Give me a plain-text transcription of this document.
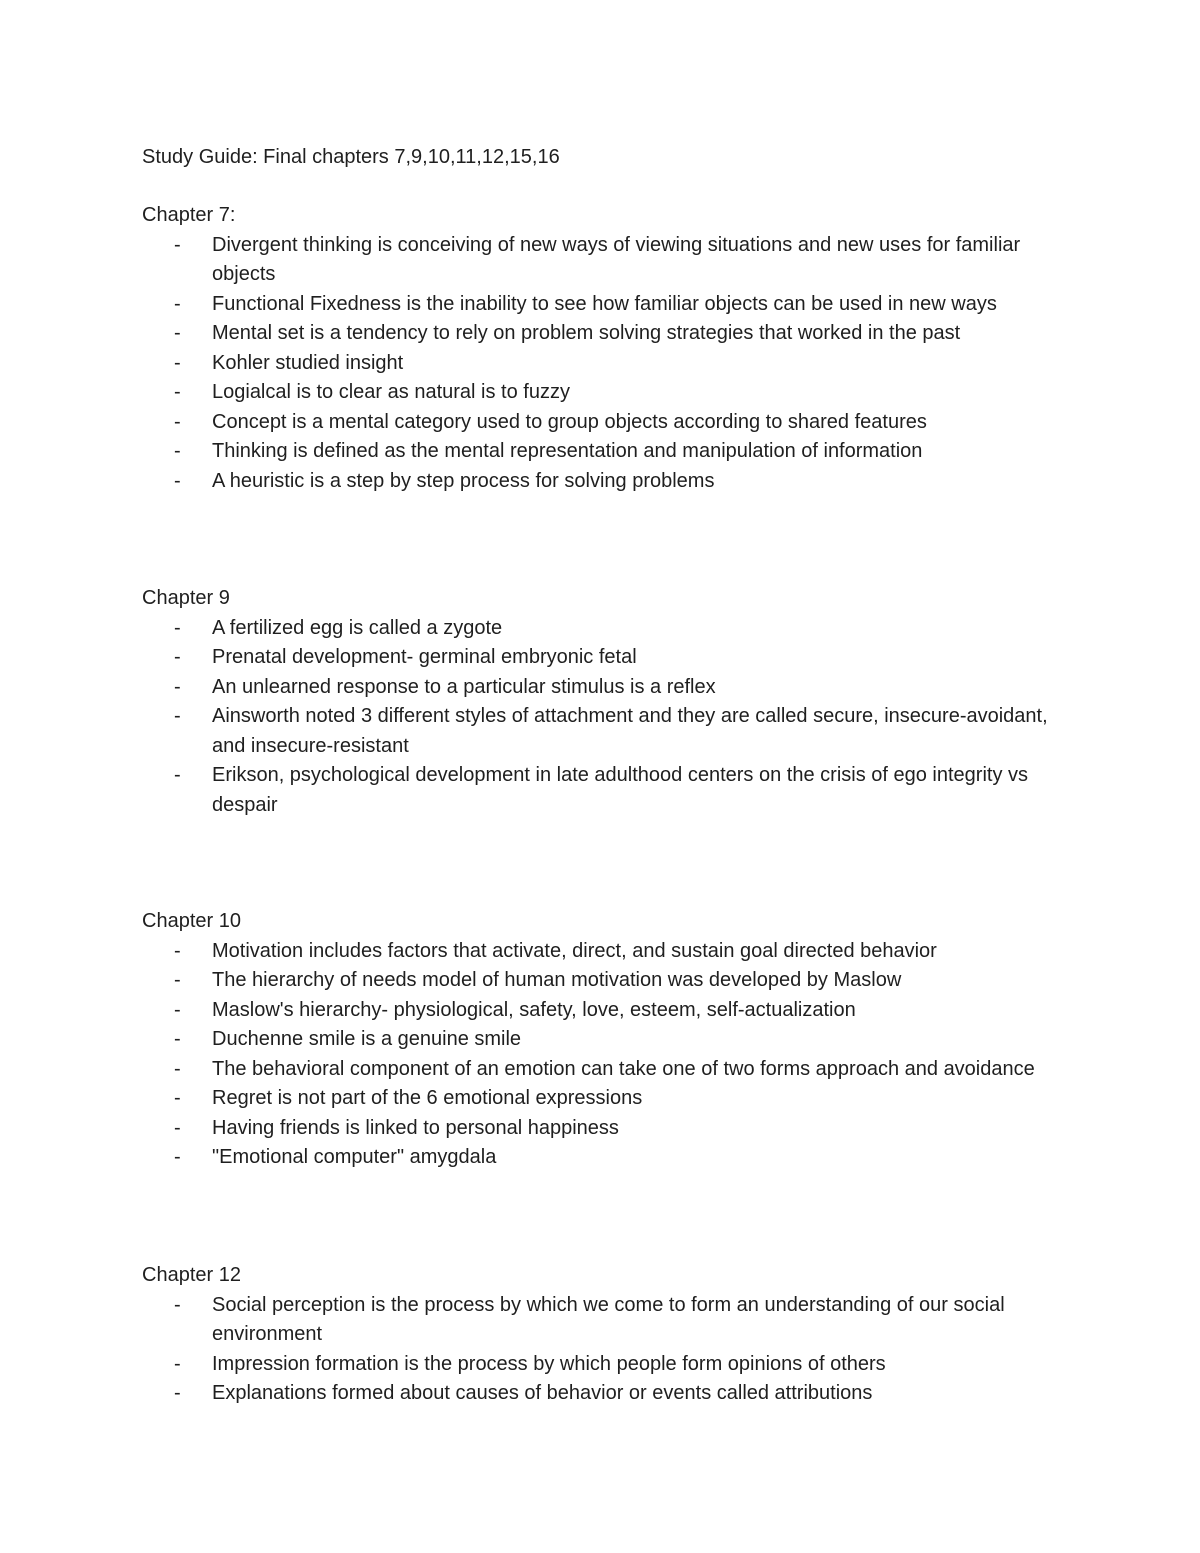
Study Guide: Final chapters 7,9,10,11,12,15,16
Chapter 7:
- Divergent thinking is conceiving of new ways of viewing situations and new uses for familiar objects
- Functional Fixedness is the inability to see how familiar objects can be used in new ways
- Mental set is a tendency to rely on problem solving strategies that worked in the past
- Kohler studied insight
- Logialcal is to clear as natural is to fuzzy
- Concept is a mental category used to group objects according to shared features
- Thinking is defined as the mental representation and manipulation of information
- A heuristic is a step by step process for solving problems
Chapter 9
- A fertilized egg is called a zygote
- Prenatal development- germinal embryonic fetal
- An unlearned response to a particular stimulus is a reflex
- Ainsworth noted 3 different styles of attachment and they are called secure, insecure-avoidant, and insecure-resistant
- Erikson, psychological development in late adulthood centers on the crisis of ego integrity vs despair
Chapter 10
- Motivation includes factors that activate, direct, and sustain goal directed behavior
- The hierarchy of needs model of human motivation was developed by Maslow
- Maslow's hierarchy- physiological, safety, love, esteem, self-actualization
- Duchenne smile is a genuine smile
- The behavioral component of an emotion can take one of two forms approach and avoidance
- Regret is not part of the 6 emotional expressions
- Having friends is linked to personal happiness
- "Emotional computer" amygdala
Chapter 12
- Social perception is the process by which we come to form an understanding of our social environment
- Impression formation is the process by which people form opinions of others
- Explanations formed about causes of behavior or events called attributions
